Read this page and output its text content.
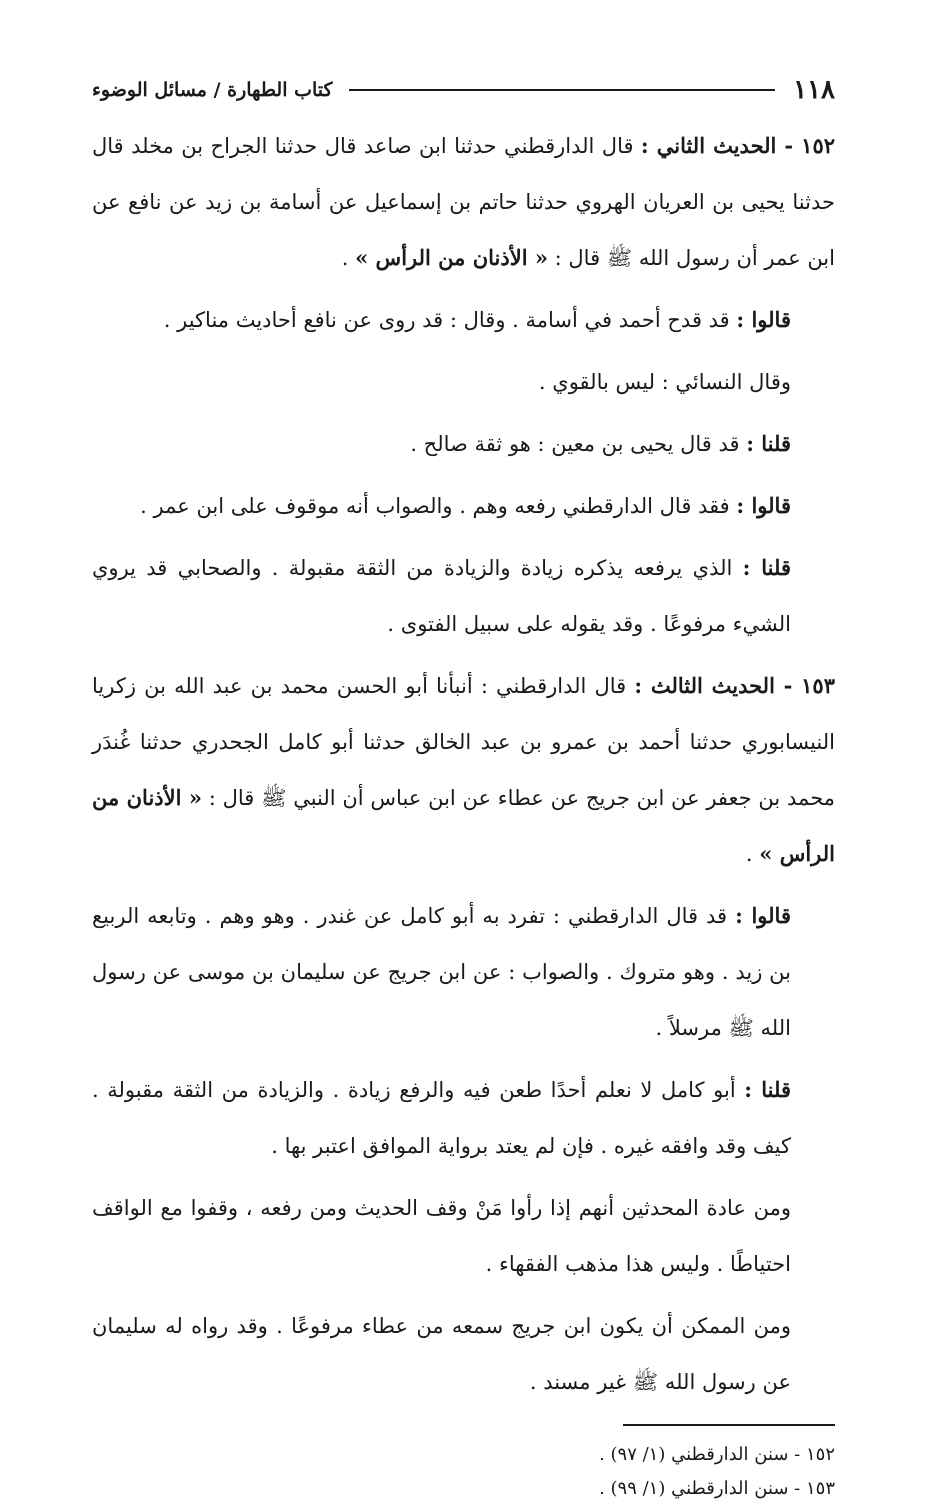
١١٨
كتاب الطهارة / مسائل الوضوء

١٥٢ - الحديث الثاني : قال الدارقطني حدثنا ابن صاعد قال حدثنا الجراح بن مخلد قال حدثنا يحيى بن العريان الهروي حدثنا حاتم بن إسماعيل عن أسامة بن زيد عن نافع عن ابن عمر أن رسول الله ﷺ قال : « الأذنان من الرأس » .

قالوا : قد قدح أحمد في أسامة . وقال : قد روى عن نافع أحاديث مناكير .

وقال النسائي : ليس بالقوي .

قلنا : قد قال يحيى بن معين : هو ثقة صالح .

قالوا : فقد قال الدارقطني رفعه وهم . والصواب أنه موقوف على ابن عمر .

قلنا : الذي يرفعه يذكره زيادة والزيادة من الثقة مقبولة . والصحابي قد يروي الشيء مرفوعًا . وقد يقوله على سبيل الفتوى .

١٥٣ - الحديث الثالث : قال الدارقطني : أنبأنا أبو الحسن محمد بن عبد الله بن زكريا النيسابوري حدثنا أحمد بن عمرو بن عبد الخالق حدثنا أبو كامل الجحدري حدثنا غُندَر محمد بن جعفر عن ابن جريج عن عطاء عن ابن عباس أن النبي ﷺ قال : « الأذنان من الرأس » .

قالوا : قد قال الدارقطني : تفرد به أبو كامل عن غندر . وهو وهم . وتابعه الربيع بن زيد . وهو متروك . والصواب : عن ابن جريج عن سليمان بن موسى عن رسول الله ﷺ مرسلاً .

قلنا : أبو كامل لا نعلم أحدًا طعن فيه والرفع زيادة . والزيادة من الثقة مقبولة . كيف وقد وافقه غيره . فإن لم يعتد برواية الموافق اعتبر بها .

ومن عادة المحدثين أنهم إذا رأوا مَنْ وقف الحديث ومن رفعه ، وقفوا مع الواقف احتياطًا . وليس هذا مذهب الفقهاء .

ومن الممكن أن يكون ابن جريج سمعه من عطاء مرفوعًا . وقد رواه له سليمان عن رسول الله ﷺ غير مسند .

١٥٢ - سنن الدارقطني (١/ ٩٧) .

١٥٣ - سنن الدارقطني (١/ ٩٩) .
